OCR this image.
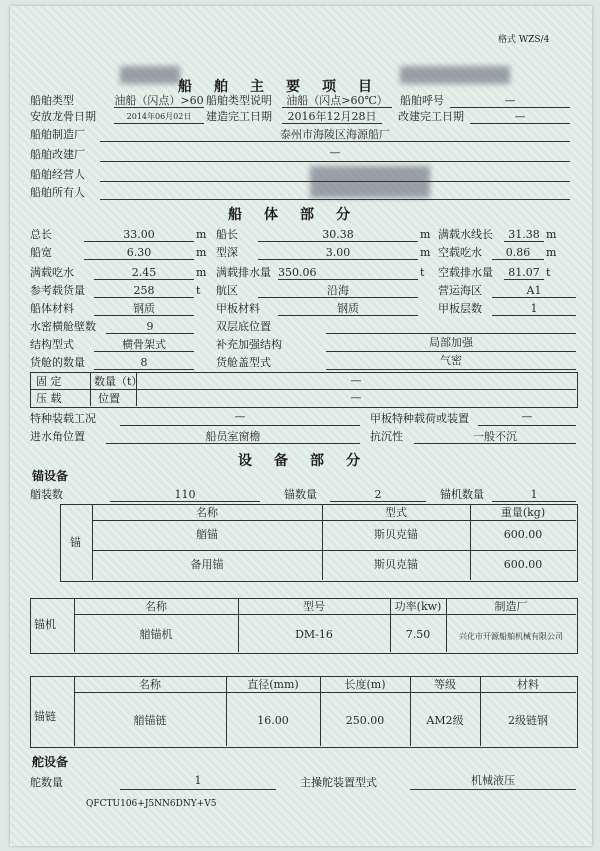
格式 WZS/4
船舶主要项目
船舶类型	油船（闪点）>60 船舶类型说明	油船（闪点>60℃）	船舶呼号	—
安放龙骨日期	2014年06月02日	建造完工日期	2016年12月28日	改建完工日期	—
船舶制造厂	泰州市海陵区海源船厂
船舶改建厂	—
船舶经营人
船舶所有人
船体部分
总长	33.00	m 船长	30.38	m 满载水线长	31.38 m
船宽	6.30	m 型深	3.00	m 空载吃水	0.86	m
满载吃水	2.45	m 满载排水量 350.06	t 空载排水量	81.07 t
参考载货量	258	t 航区	沿海	营运海区	A1
船体材料	钢质	甲板材料	钢质	甲板层数	1
水密横舱壁数	9	双层底位置
结构型式	横骨架式	补充加强结构	局部加强
货舱的数量	8	货舱盖型式	气密
固 定	数量（t）	—
压 载	位置	—
特种装载工况	—	甲板特种载荷或装置	—
进水角位置	船员室窗檐	抗沉性	一般不沉
设备部分
锚设备
艏装数	110	锚数量	2	锚机数量	1
锚
名称	型式	重量(kg)
艏锚	斯贝克锚	600.00
备用锚	斯贝克锚	600.00
锚机
名称	型号	功率(kw)	制造厂
艏锚机	DM-16	7.50	兴化市开源船舶机械有限公司
锚链
名称	直径(mm)	长度(m)	等级	材料
艏锚链	16.00	250.00	AM2级	2级链钢
舵设备
舵数量	1	主操舵装置型式	机械液压
QFCTU106+J5NN6DNY+V5
